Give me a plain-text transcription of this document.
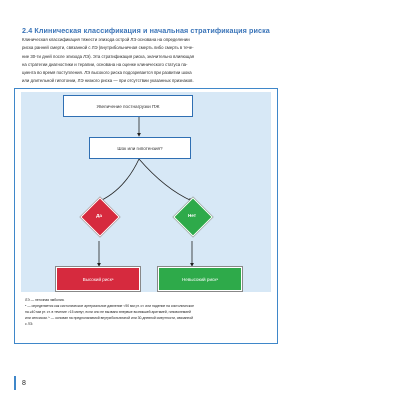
2.4 Клиническая классификация и начальная стратификация риска
Клиническая классификация тяжести эпизода острой ЛЭ основана на определении
риска ранней смерти, связанной с ЛЭ (внутрибольничная смерть либо смерть в тече-
ние 30-ти дней после эпизода ЛЭ). Эта стратификация риска, значительно влияющая
на стратегии диагностики и терапии, основана на оценке клинического статуса па-
циента во время поступления. ЛЭ высокого риска подозревается при развитии шока
или длительной гипотонии, ЛЭ низкого риска — при отсутствии указанных признаков.
Увеличение постнагрузки ПЖ
Шок или гипотензия?
Да	Нет
Высокий риск a	Невысокий риск a
ЛЭ — легочная эмболия.
ᵃ — определяется как систолическое артериальное давление <90 мм рт. ст. или падение на систолическое
на ≥40 мм рт. ст. в течение >15 минут, если оно не вызвано впервые возникшей аритмией, гиповолемией
или сепсисом. ᵇ — основан на предполагаемой внутрибольничной или 30-дневной смертности, связанной
с ЛЭ.
8
